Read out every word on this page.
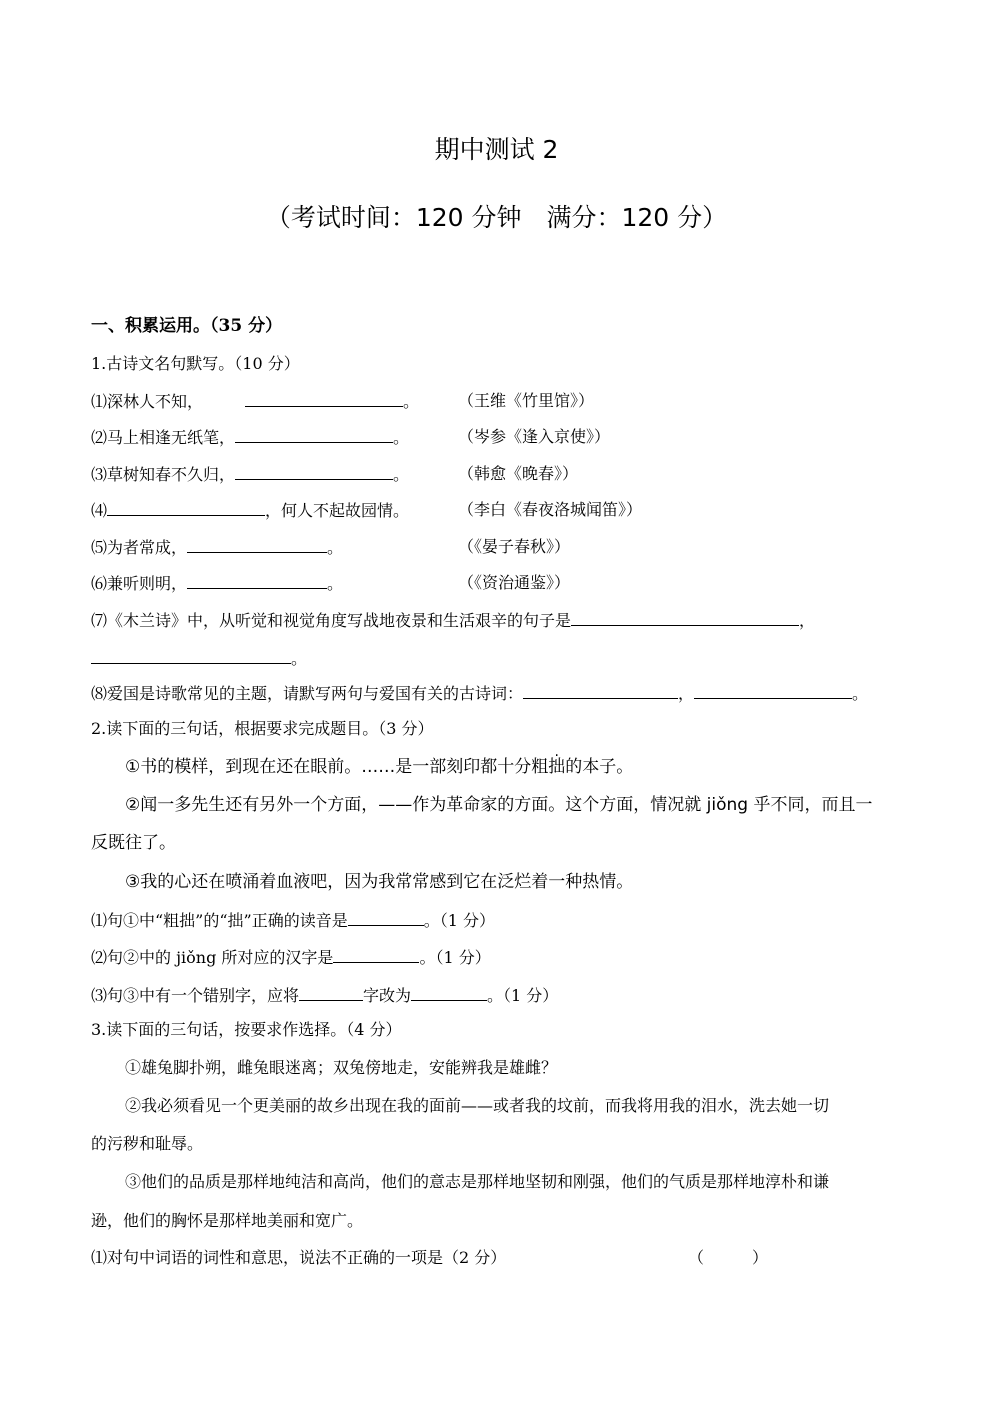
期中测试 2
（考试时间：120 分钟　满分：120 分）
一、积累运用。（35 分）
1.古诗文名句默写。（10 分）
⑴深林人不知，	。 （王维《竹里馆》）
⑵马上相逢无纸笔，	。	（岑参《逢入京使》）
⑶草树知春不久归，	。	（韩愈《晚春》）
⑷	，何人不起故园情。	（李白《春夜洛城闻笛》）
⑸为者常成，	。	（《晏子春秋》）
⑹兼听则明，	。	（《资治通鉴》）
⑺《木兰诗》中，从听觉和视觉角度写战地夜景和生活艰辛的句子是	，
。
⑻爱国是诗歌常见的主题，请默写两句与爱国有关的古诗词：	，	。
2.读下面的三句话，根据要求完成题目。（3 分）
①书的模样，到现在还在眼前。……是一部刻印都十分粗拙的本子。
②闻一多先生还有另外一个方面，——作为革命家的方面。这个方面，情况就 jiǒng 乎不同，而且一
反既往了。
③我的心还在喷涌着血液吧，因为我常常感到它在泛烂着一种热情。
⑴句①中“粗拙”的“拙”正确的读音是	。（1 分）
⑵句②中的 jiǒng 所对应的汉字是	。（1 分）
⑶句③中有一个错别字，应将	字改为	。（1 分）
3.读下面的三句话，按要求作选择。（4 分）
①雄兔脚扑朔，雌兔眼迷离；双兔傍地走，安能辨我是雄雌？
②我必须看见一个更美丽的故乡出现在我的面前——或者我的坟前，而我将用我的泪水，洗去她一切
的污秽和耻辱。
③他们的品质是那样地纯洁和高尚，他们的意志是那样地坚韧和刚强，他们的气质是那样地淳朴和谦
逊，他们的胸怀是那样地美丽和宽广。
⑴对句中词语的词性和意思，说法不正确的一项是（2 分）	（　　　）
